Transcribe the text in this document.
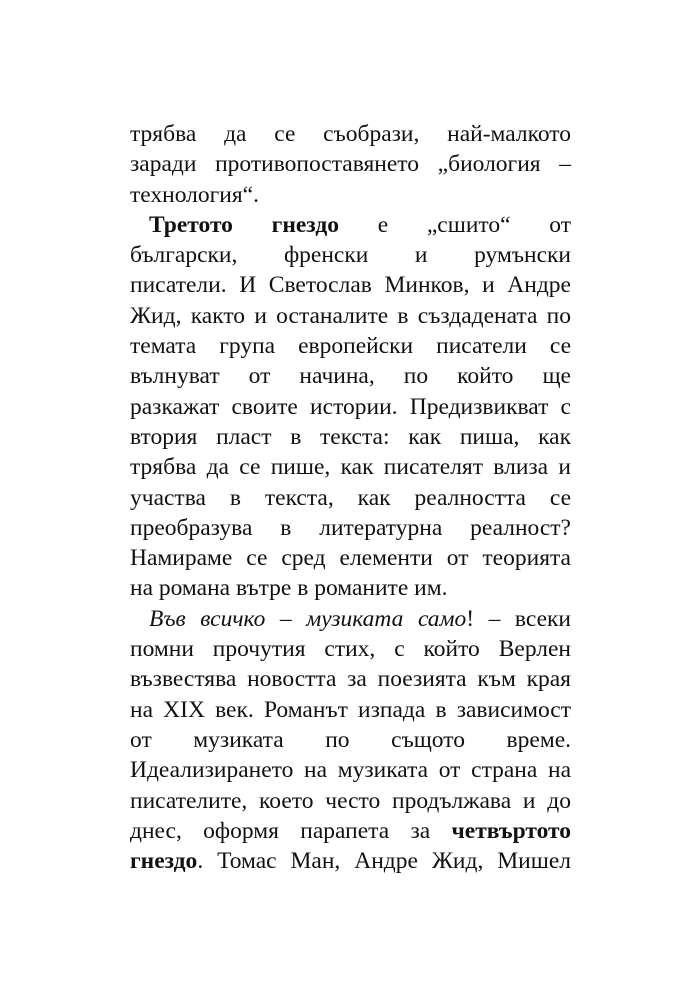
трябва да се съобрази, най-малкото
заради противопоставянето „биология –
технология“.
Третото гнездо е „сшито“ от
български, френски и румънски
писатели. И Светослав Минков, и Андре
Жид, както и останалите в създадената по
темата група европейски писатели се
вълнуват от начина, по който ще
разкажат своите истории. Предизвикват с
втория пласт в текста: как пиша, как
трябва да се пише, как писателят влиза и
участва в текста, как реалността се
преобразува в литературна реалност?
Намираме се сред елементи от теорията
на романа вътре в романите им.
Във всичко – музиката само! – всеки
помни прочутия стих, с който Верлен
възвестява новостта за поезията към края
на XIX век. Романът изпада в зависимост
от музиката по същото време.
Идеализирането на музиката от страна на
писателите, което често продължава и до
днес, оформя парапета за четвъртото
гнездо. Томас Ман, Андре Жид, Мишел
